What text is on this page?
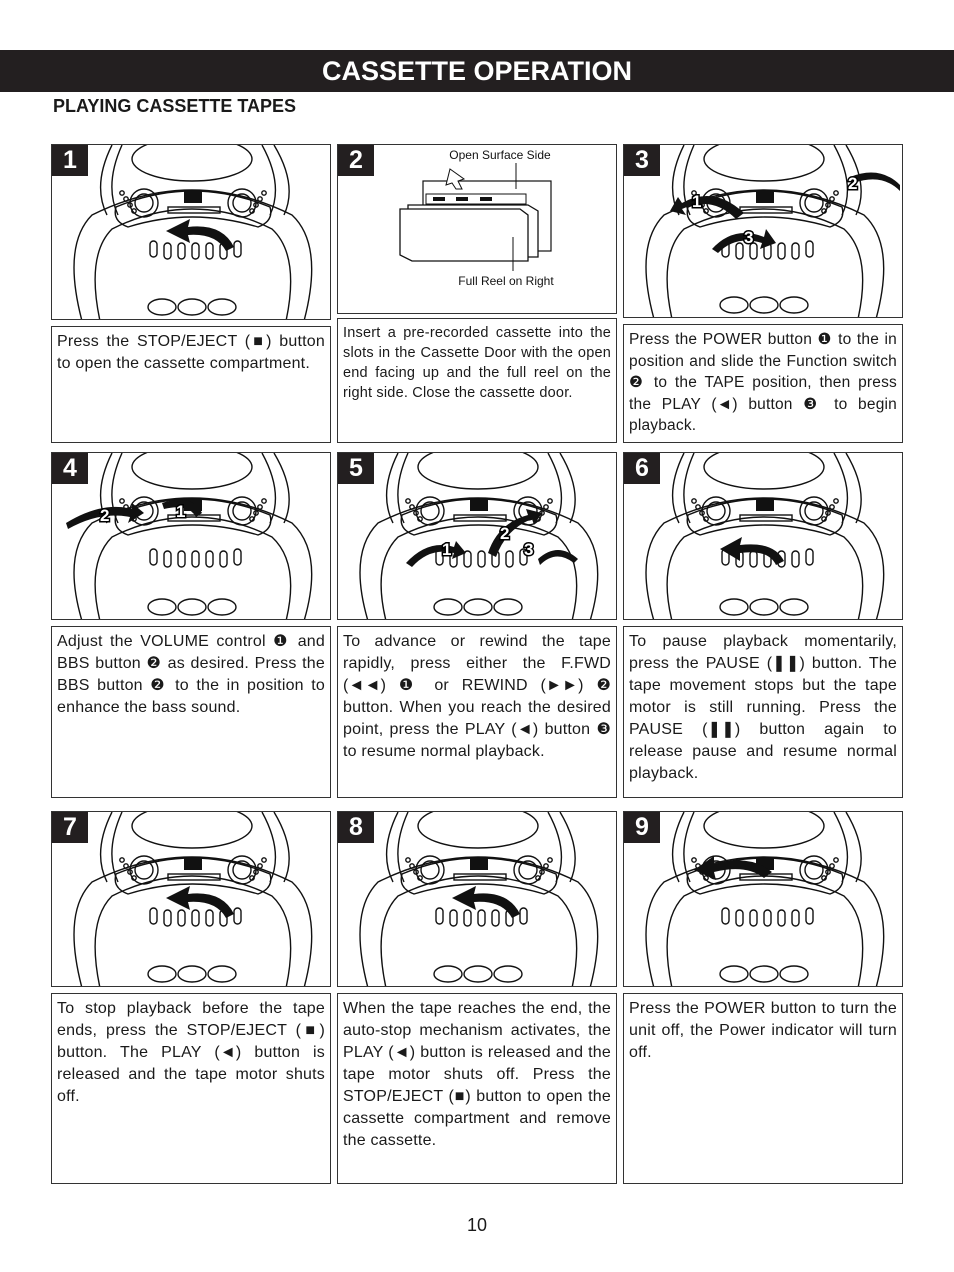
CASSETTE OPERATION
PLAYING CASSETTE TAPES
1	2	Open Surface Side
Full Reel on Right
3
1
2
3
Press the STOP/EJECT (■) button to open the cassette compartment.
Insert a pre-recorded cassette into the slots in the Cassette Door with the open end facing up and the full reel on the right side. Close the cassette door.
Press the POWER button ❶ to the in position and slide the Function switch ❷ to the TAPE position, then press the PLAY (◄) button ❸ to begin playback.
4
2	1
5
1
2
3
6
Adjust the VOLUME control ❶ and BBS button ❷ as desired. Press the BBS button ❷ to the in position to enhance the bass sound.
To advance or rewind the tape rapidly, press either the F.FWD (◄◄) ❶ or REWIND (►►) ❷ button. When you reach the desired point, press the PLAY (◄) button ❸ to resume normal playback.
To pause playback momentarily, press the PAUSE (❚❚) button. The tape movement stops but the tape motor is still running. Press the PAUSE (❚❚) button again to release pause and resume normal playback.
7	8	9
To stop playback before the tape ends, press the STOP/EJECT (■) button. The PLAY (◄) button is released and the tape motor shuts off.
When the tape reaches the end, the auto-stop mechanism activates, the PLAY (◄) button is released and the tape motor shuts off. Press the STOP/EJECT (■) button to open the cassette compartment and remove the cassette.
Press the POWER button to turn the unit off, the Power indicator will turn off.
10
